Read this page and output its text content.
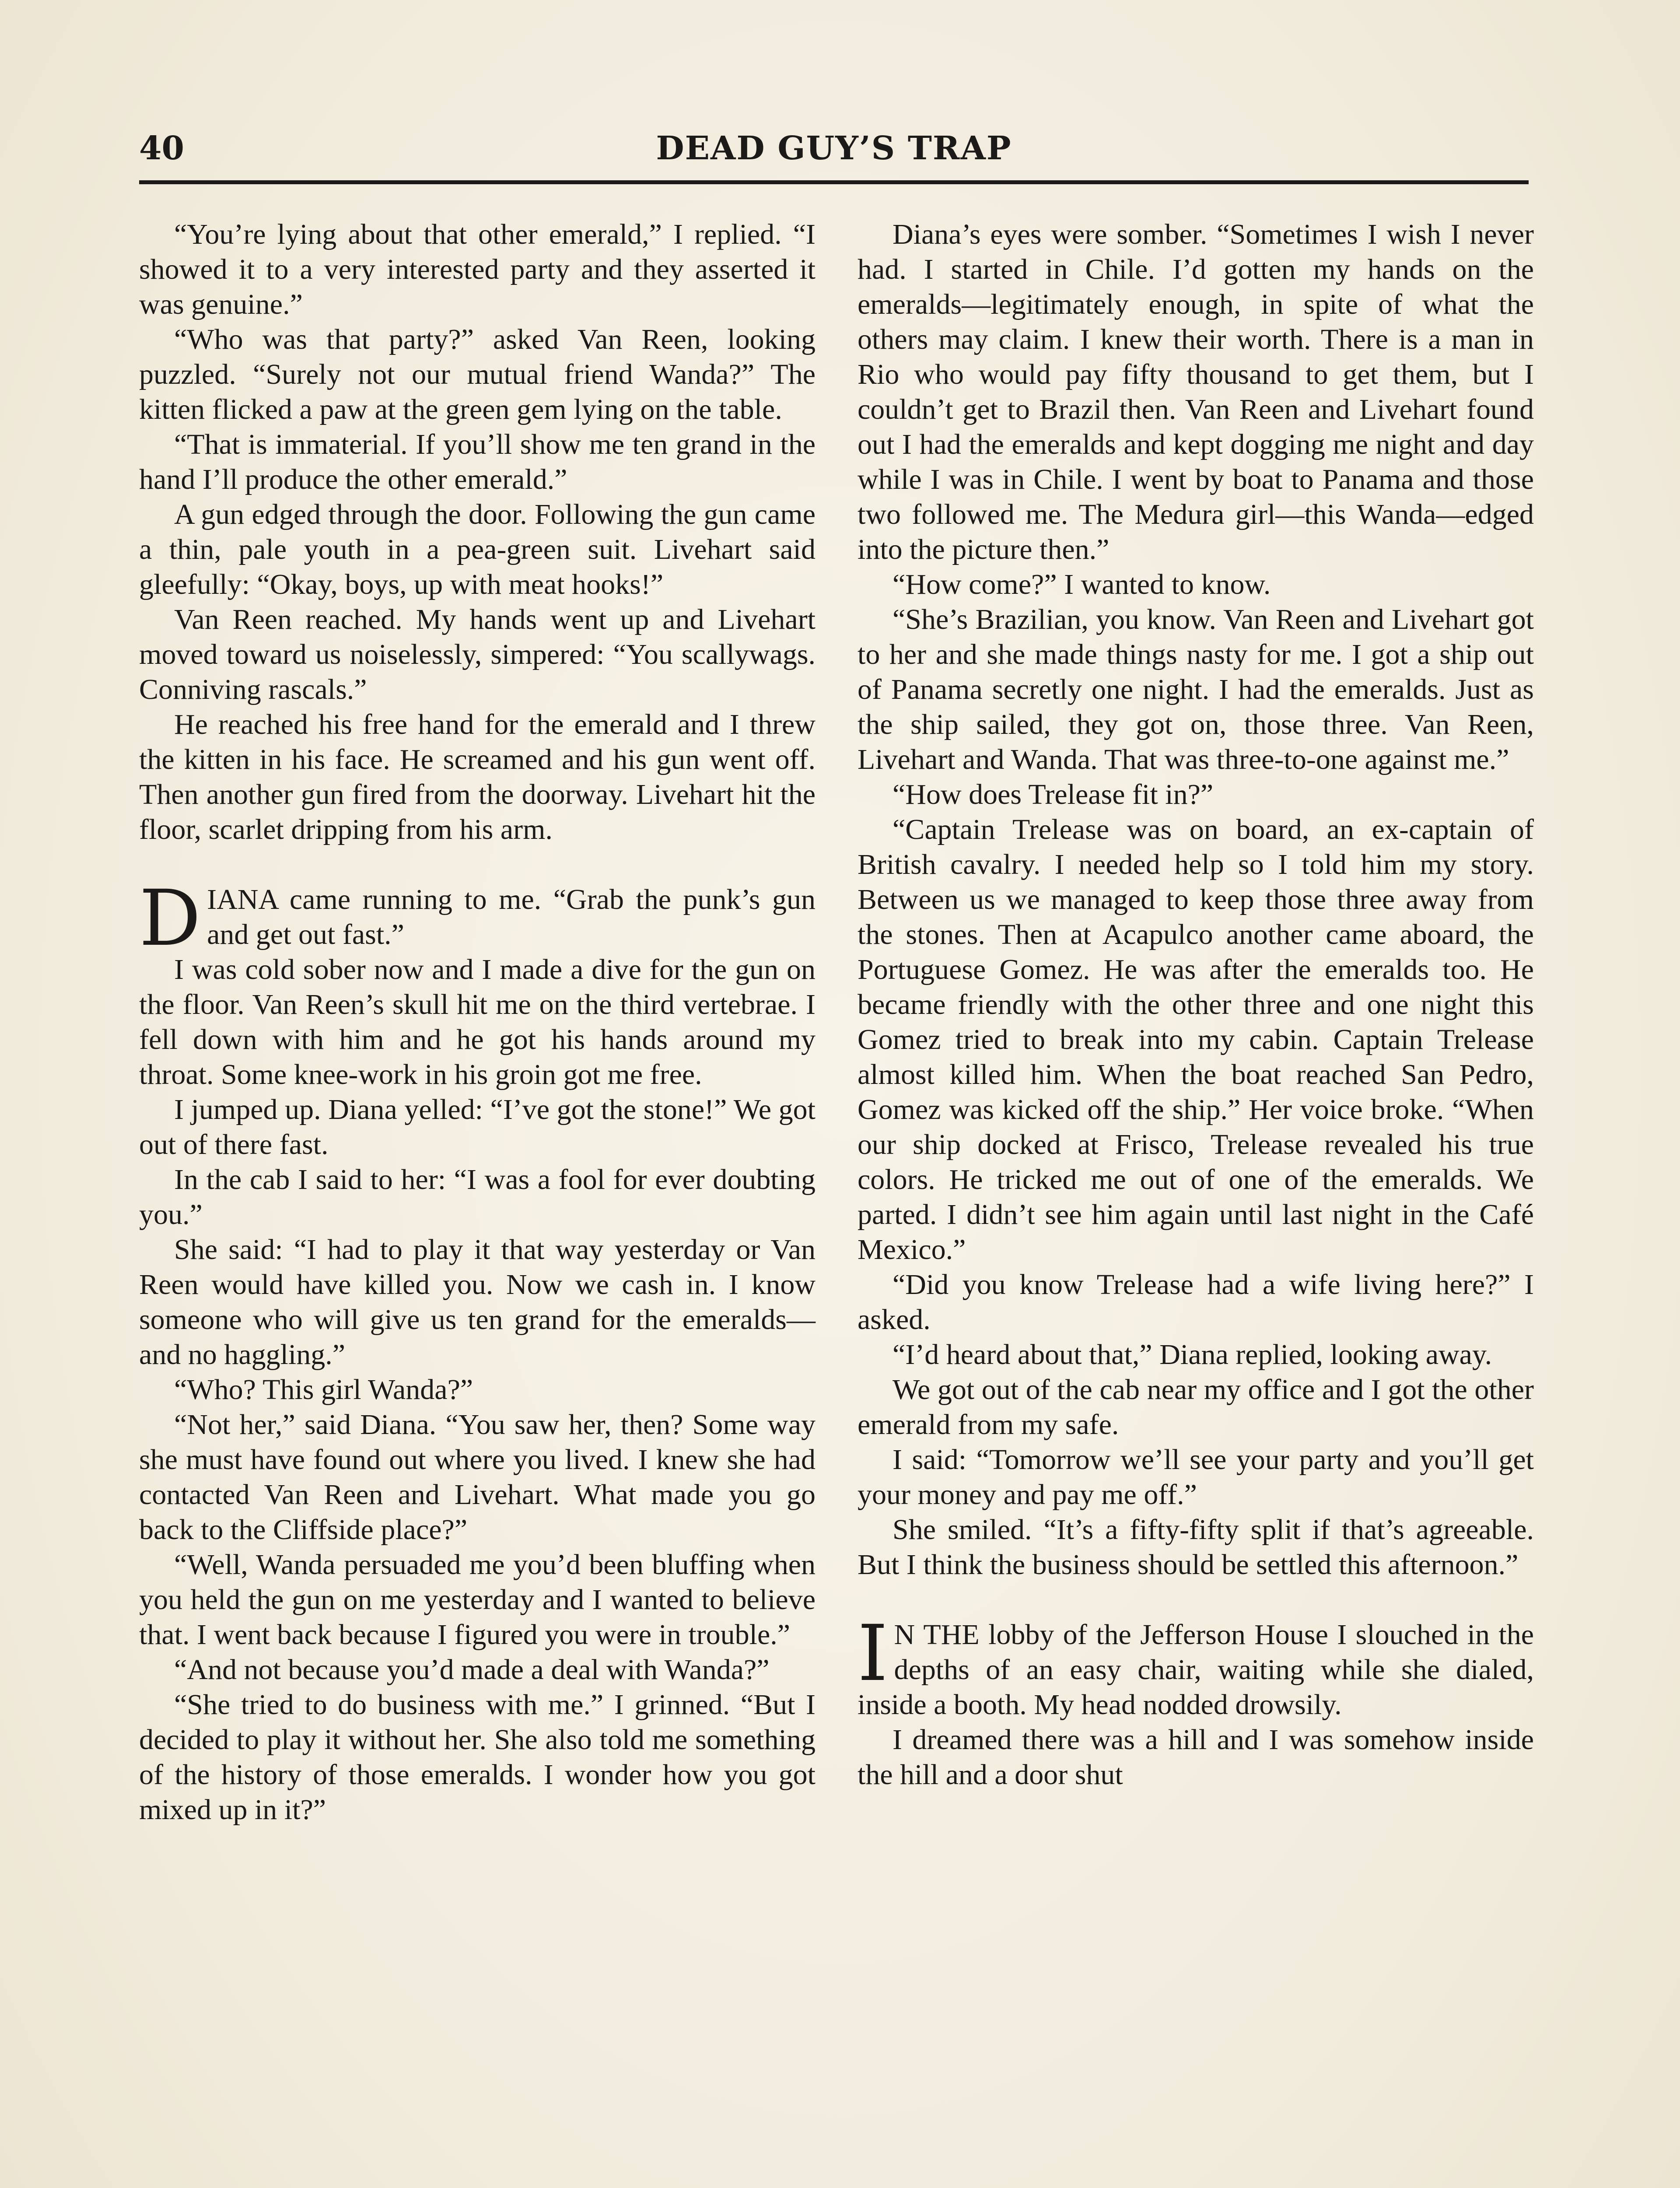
40	DEAD GUY’S TRAP

“You’re lying about that other emerald,” I replied. “I showed it to a very interested party and they asserted it was genuine.”

“Who was that party?” asked Van Reen, looking puzzled. “Surely not our mutual friend Wanda?” The kitten flicked a paw at the green gem lying on the table.

“That is immaterial. If you’ll show me ten grand in the hand I’ll produce the other emerald.”

A gun edged through the door. Following the gun came a thin, pale youth in a pea-green suit. Livehart said gleefully: “Okay, boys, up with meat hooks!”

Van Reen reached. My hands went up and Livehart moved toward us noiselessly, simpered: “You scallywags. Conniving rascals.”

He reached his free hand for the emerald and I threw the kitten in his face. He screamed and his gun went off. Then another gun fired from the doorway. Livehart hit the floor, scarlet dripping from his arm.

DIANA came running to me. “Grab the punk’s gun and get out fast.”

I was cold sober now and I made a dive for the gun on the floor. Van Reen’s skull hit me on the third vertebrae. I fell down with him and he got his hands around my throat. Some knee-work in his groin got me free.

I jumped up. Diana yelled: “I’ve got the stone!” We got out of there fast.

In the cab I said to her: “I was a fool for ever doubting you.”

She said: “I had to play it that way yesterday or Van Reen would have killed you. Now we cash in. I know someone who will give us ten grand for the emeralds—and no haggling.”

“Who? This girl Wanda?”

“Not her,” said Diana. “You saw her, then? Some way she must have found out where you lived. I knew she had contacted Van Reen and Livehart. What made you go back to the Cliffside place?”

“Well, Wanda persuaded me you’d been bluffing when you held the gun on me yesterday and I wanted to believe that. I went back because I figured you were in trouble.”

“And not because you’d made a deal with Wanda?”

“She tried to do business with me.” I grinned. “But I decided to play it without her. She also told me something of the history of those emeralds. I wonder how you got mixed up in it?”

Diana’s eyes were somber. “Sometimes I wish I never had. I started in Chile. I’d gotten my hands on the emeralds—legitimately enough, in spite of what the others may claim. I knew their worth. There is a man in Rio who would pay fifty thousand to get them, but I couldn’t get to Brazil then. Van Reen and Livehart found out I had the emeralds and kept dogging me night and day while I was in Chile. I went by boat to Panama and those two followed me. The Medura girl—this Wanda—edged into the picture then.”

“How come?” I wanted to know.

“She’s Brazilian, you know. Van Reen and Livehart got to her and she made things nasty for me. I got a ship out of Panama secretly one night. I had the emeralds. Just as the ship sailed, they got on, those three. Van Reen, Livehart and Wanda. That was three-to-one against me.”

“How does Trelease fit in?”

“Captain Trelease was on board, an ex-captain of British cavalry. I needed help so I told him my story. Between us we managed to keep those three away from the stones. Then at Acapulco another came aboard, the Portuguese Gomez. He was after the emeralds too. He became friendly with the other three and one night this Gomez tried to break into my cabin. Captain Trelease almost killed him. When the boat reached San Pedro, Gomez was kicked off the ship.” Her voice broke. “When our ship docked at Frisco, Trelease revealed his true colors. He tricked me out of one of the emeralds. We parted. I didn’t see him again until last night in the Café Mexico.”

“Did you know Trelease had a wife living here?” I asked.

“I’d heard about that,” Diana replied, looking away.

We got out of the cab near my office and I got the other emerald from my safe.

I said: “Tomorrow we’ll see your party and you’ll get your money and pay me off.”

She smiled. “It’s a fifty-fifty split if that’s agreeable. But I think the business should be settled this afternoon.”

I N THE lobby of the Jefferson House I slouched in the depths of an easy chair, waiting while she dialed, inside a booth. My head nodded drowsily.

I dreamed there was a hill and I was somehow inside the hill and a door shut
